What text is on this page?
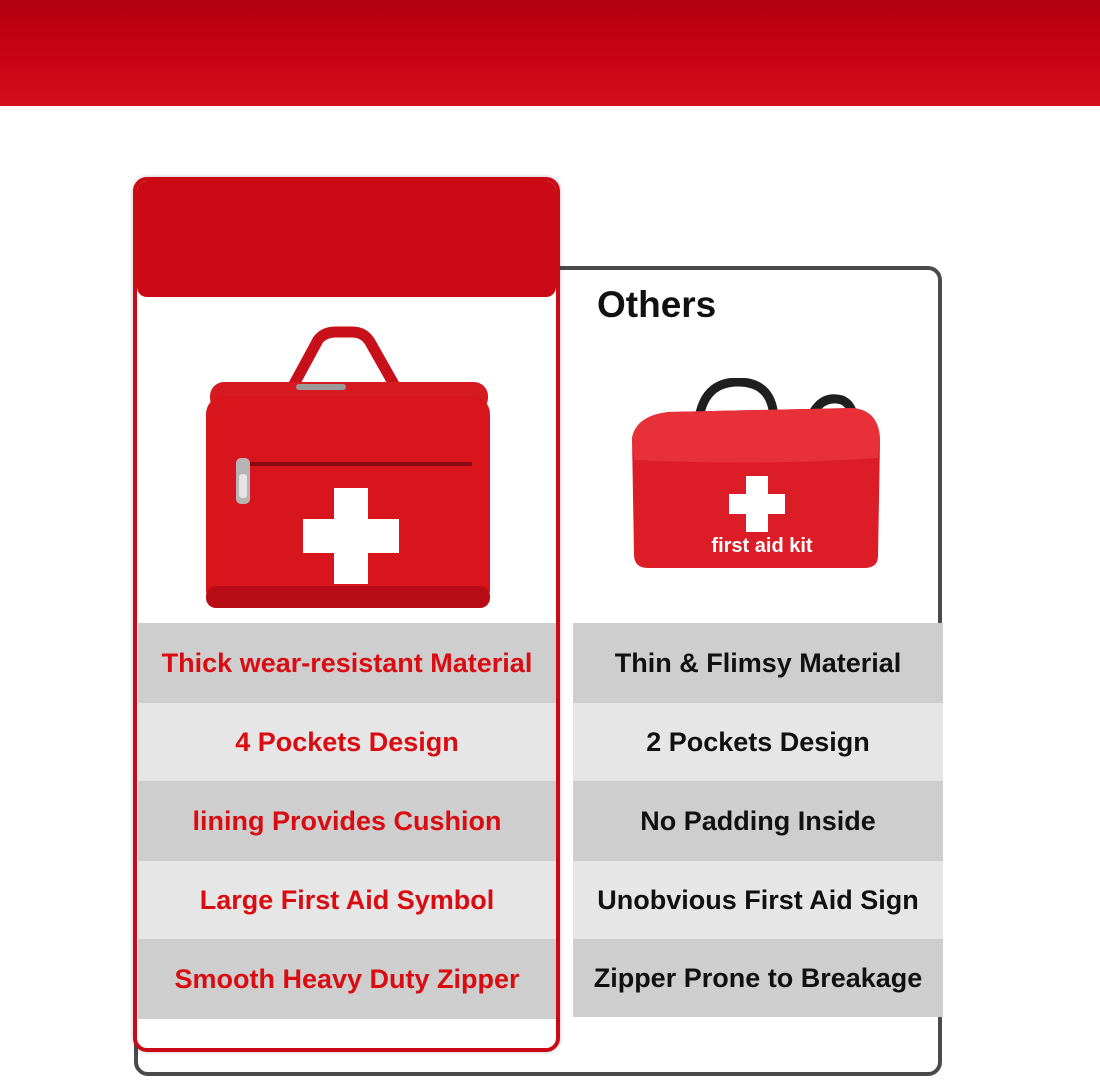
Others
first aid kit
Thick wear-resistant Material
4 Pockets Design
lining Provides Cushion
Large First Aid Symbol
Smooth Heavy Duty Zipper
Thin & Flimsy Material
2 Pockets Design
No Padding Inside
Unobvious First Aid Sign
Zipper Prone to Breakage
